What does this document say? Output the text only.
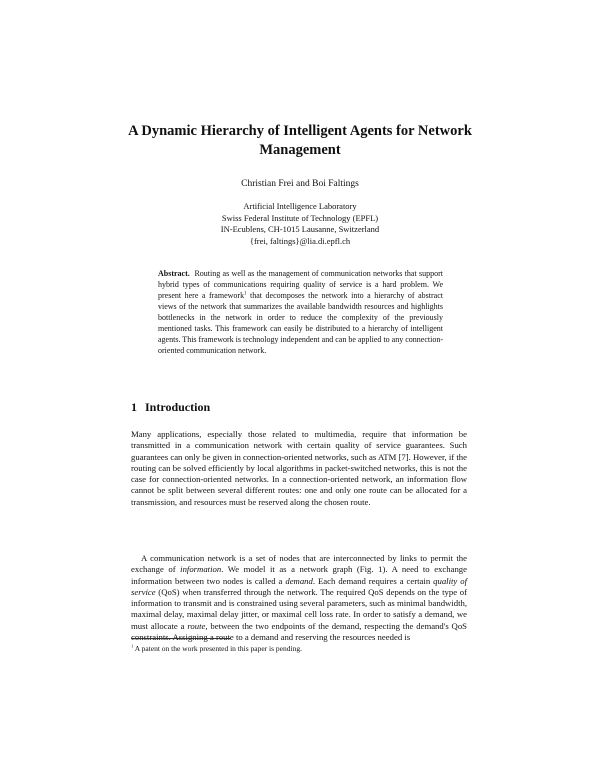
A Dynamic Hierarchy of Intelligent Agents for Network Management
Christian Frei and Boi Faltings
Artificial Intelligence Laboratory
Swiss Federal Institute of Technology (EPFL)
IN-Ecublens, CH-1015 Lausanne, Switzerland
{frei, faltings}@lia.di.epfl.ch
Abstract. Routing as well as the management of communication networks that support hybrid types of communications requiring quality of service is a hard problem. We present here a framework$^1$ that decomposes the network into a hierarchy of abstract views of the network that summarizes the available bandwidth resources and highlights bottlenecks in the network in order to reduce the complexity of the previously mentioned tasks. This framework can easily be distributed to a hierarchy of intelligent agents. This framework is technology independent and can be applied to any connection-oriented communication network.
1 Introduction
Many applications, especially those related to multimedia, require that information be transmitted in a communication network with certain quality of service guarantees. Such guarantees can only be given in connection-oriented networks, such as ATM [7]. However, if the routing can be solved efficiently by local algorithms in packet-switched networks, this is not the case for connection-oriented networks. In a connection-oriented network, an information flow cannot be split between several different routes: one and only one route can be allocated for a transmission, and resources must be reserved along the chosen route.
A communication network is a set of nodes that are interconnected by links to permit the exchange of information. We model it as a network graph (Fig. 1). A need to exchange information between two nodes is called a demand. Each demand requires a certain quality of service (QoS) when transferred through the network. The required QoS depends on the type of information to transmit and is constrained using several parameters, such as minimal bandwidth, maximal delay, maximal delay jitter, or maximal cell loss rate. In order to satisfy a demand, we must allocate a route, between the two endpoints of the demand, respecting the demand's QoS constraints. Assigning a route to a demand and reserving the resources needed is
$^1$ A patent on the work presented in this paper is pending.
